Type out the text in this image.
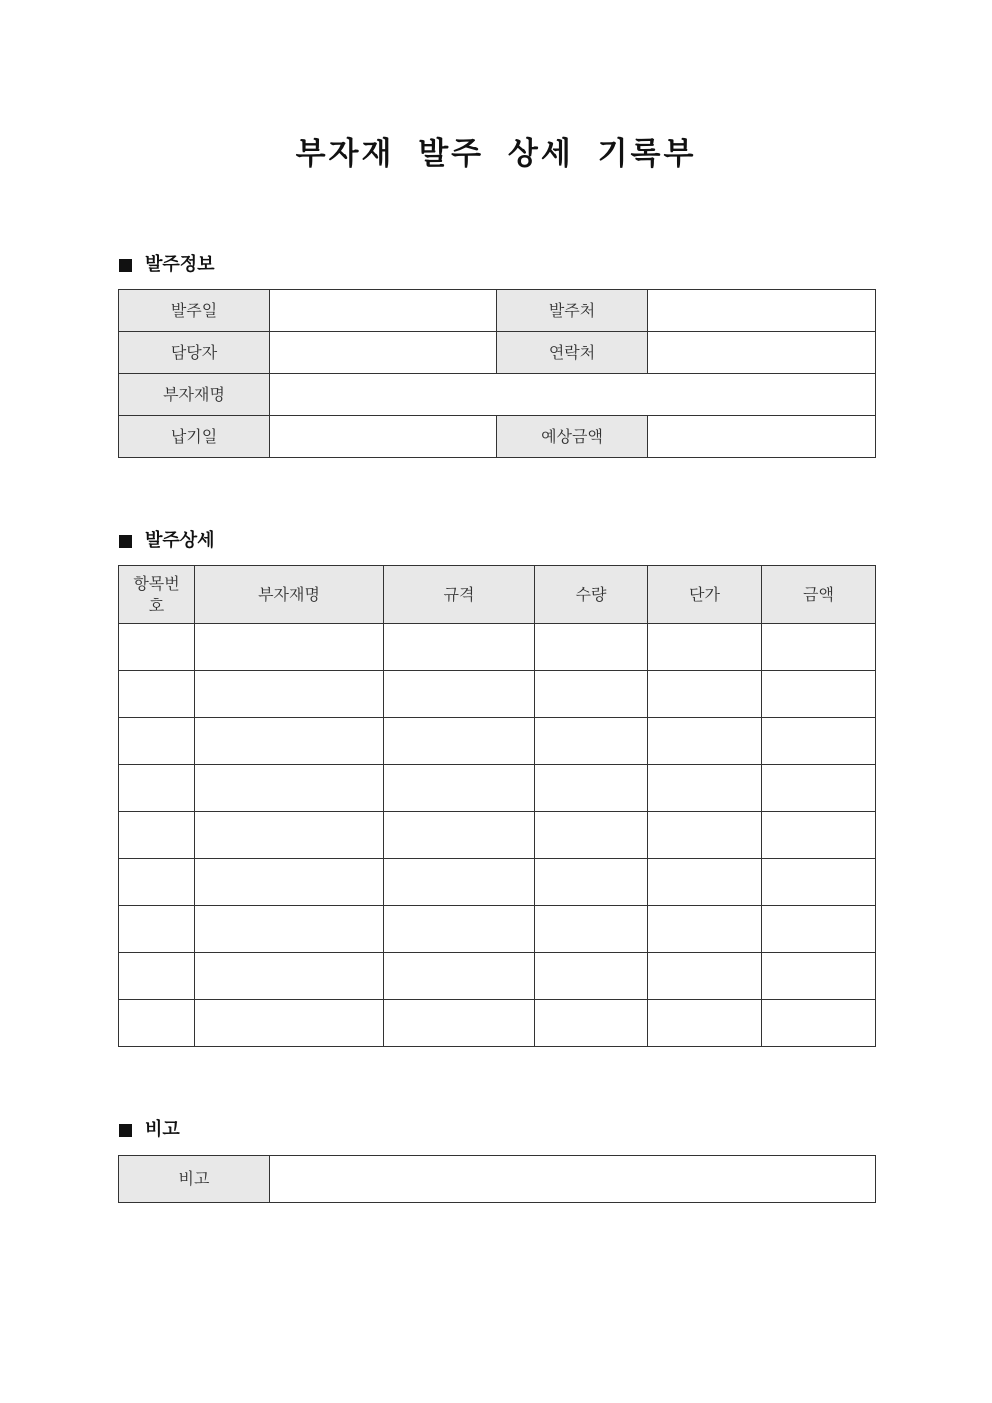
부자재 발주 상세 기록부
발주정보
발주일		발주처	
담당자		연락처	
부자재명			
납기일		예상금액	
발주상세
항목번호	부자재명	규격	수량	단가	금액

비고
비고	
